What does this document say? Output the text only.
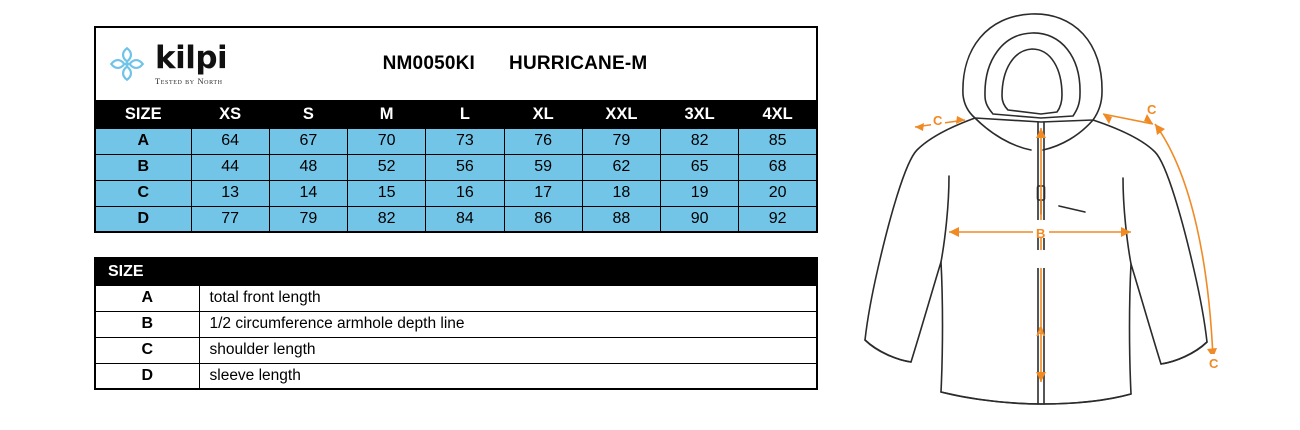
kilpi
Tested by North
NM0050KI HURRICANE-M
SIZE	XS	S	M	L	XL	XXL	3XL	4XL
A	64	67	70	73	76	79	82	85
B	44	48	52	56	59	62	65	68
C	13	14	15	16	17	18	19	20
D	77	79	82	84	86	88	90	92
SIZE	
A	total front length
B	1/2 circumference armhole depth line
C	shoulder length
D	sleeve length
C
C
B
A
C
